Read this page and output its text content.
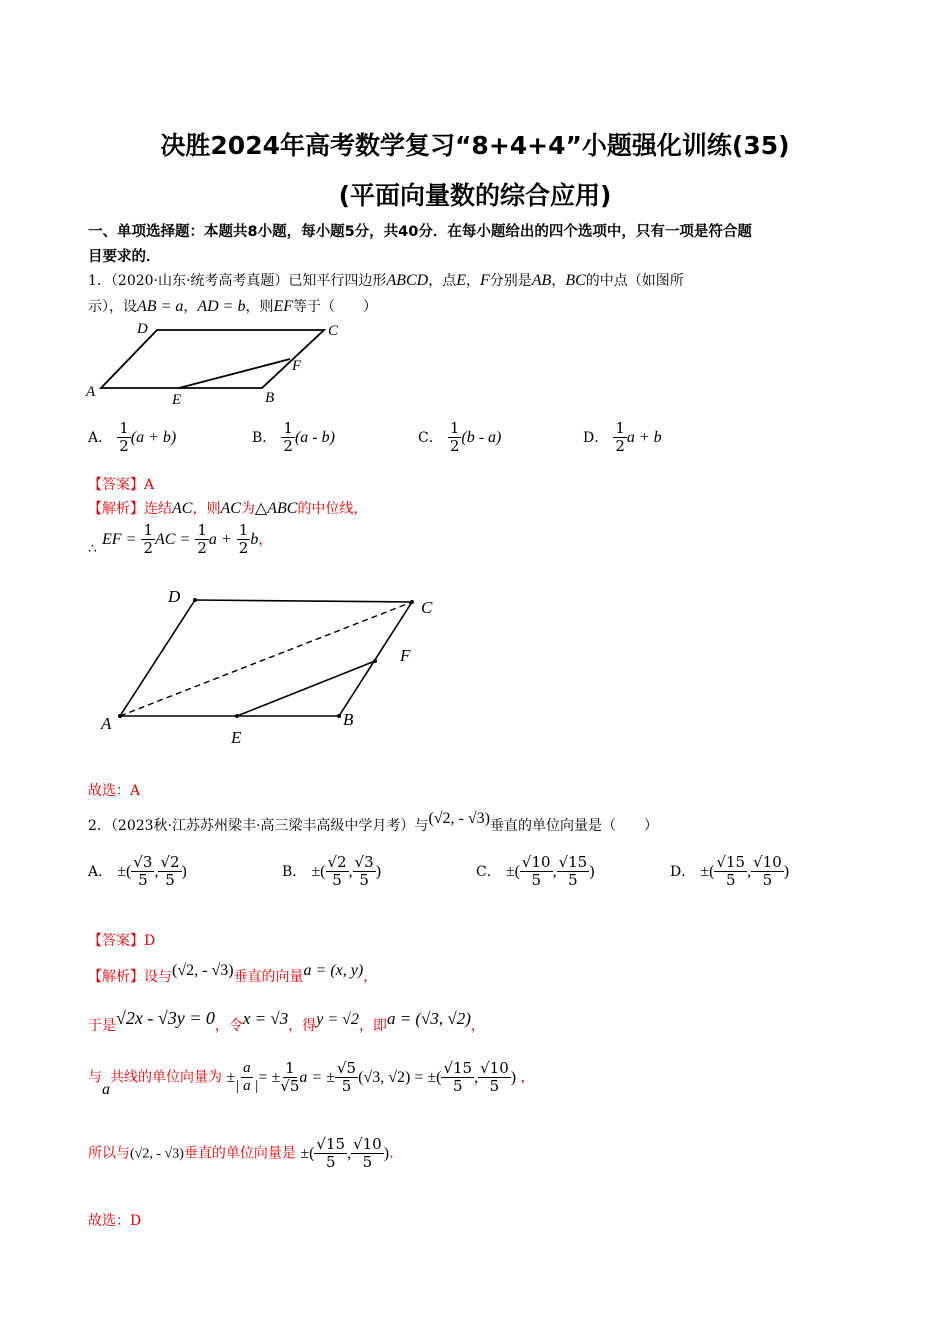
决胜2024年高考数学复习“8+4+4”小题强化训练(35)
(平面向量数的综合应用)
一、单项选择题：本题共8小题，每小题5分，共40分．在每小题给出的四个选项中，只有一项是符合题
目要求的．
1．（2020·山东·统考高考真题）已知平行四边形ABCD，点E，F分别是AB，BC的中点（如图所
示），设AB = a，AD = b，则EF等于（　　）
D	C
F
A	E	B
A． $\frac{1}{2} (a + b)$	B． $\frac{1}{2} (a - b)$	C． $\frac{1}{2} (b - a)$	D． $\frac{1}{2}$ a + b
【答案】A
【解析】连结AC，则AC为△ABC的中位线，
∴ EF = $\frac{1}{2}$ AC = $\frac{1}{2}$ $a + \frac{1}{2}$ b，
D
C
F
A
E
B
故选：A
2．（2023秋·江苏苏州梁丰·高三梁丰高级中学月考）与(√2, - √3)垂直的单位向量是（　　）
A． ±( $\frac{√3}{5}$ , $\frac{√2}{5}$ )	B． ±( $\frac{√2}{5}$ , $\frac{√3}{5}$ )	C． ±( $\frac{√10}{5}$ , $\frac{√15}{5}$ )	D． ±( $\frac{√15}{5}$ , $\frac{√10}{5}$ )
【答案】D
【解析】设与(√2, - √3)垂直的向量a = (x, y)，
于是√2x - √3y = 0，令x = √3，得y = √2，即a = (√3, √2)，
与a共线的单位向量为 ± $\frac{a}{| a |}$ = ± $\frac{1}{√5}$ a = ± $\frac{√5}{5} (√3$, √2) = ±( $\frac{√15}{5}$ , $\frac{√10}{5}$ ) ，
所以与(√2, - √3)垂直的单位向量是 ±( $\frac{√15}{5}$ , $\frac{√10}{5}$ ).
故选：D
